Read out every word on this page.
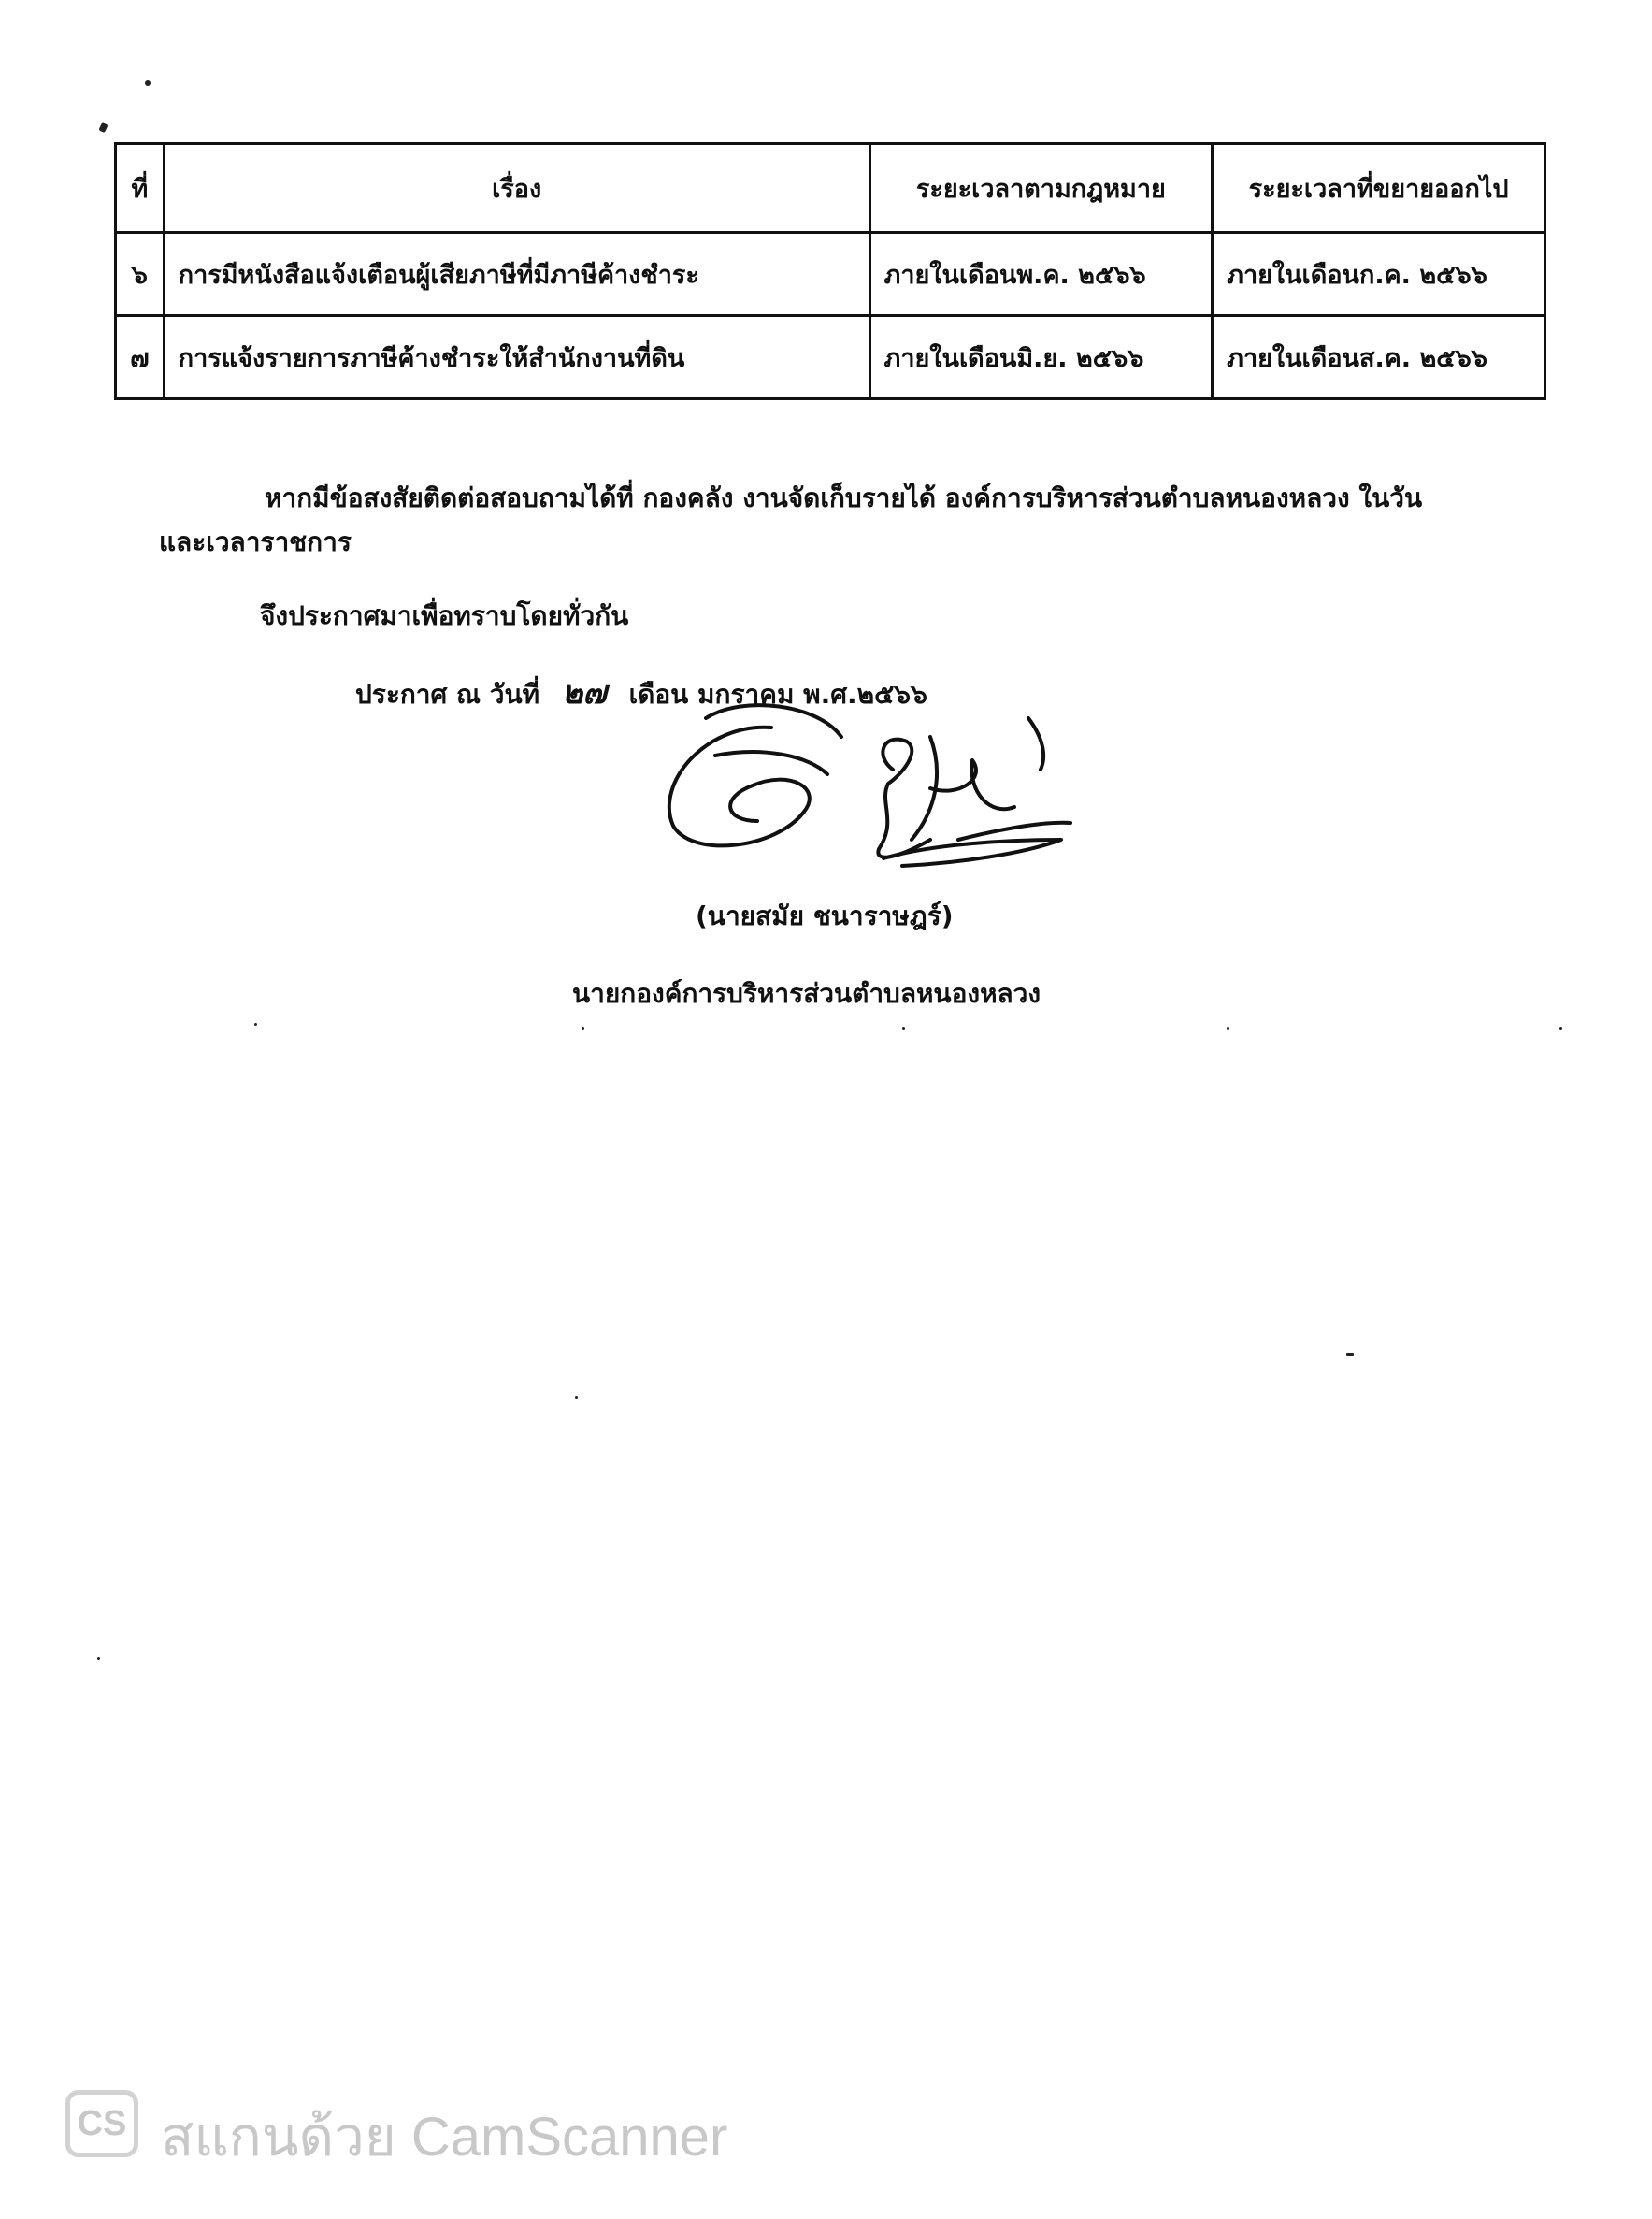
ที่	เรื่อง	ระยะเวลาตามกฎหมาย	ระยะเวลาที่ขยายออกไป
๖	การมีหนังสือแจ้งเตือนผู้เสียภาษีที่มีภาษีค้างชำระ	ภายในเดือนพ.ค. ๒๕๖๖	ภายในเดือนก.ค. ๒๕๖๖
๗	การแจ้งรายการภาษีค้างชำระให้สำนักงานที่ดิน	ภายในเดือนมิ.ย. ๒๕๖๖	ภายในเดือนส.ค. ๒๕๖๖
หากมีข้อสงสัยติดต่อสอบถามได้ที่ กองคลัง งานจัดเก็บรายได้ องค์การบริหารส่วนตำบลหนองหลวง ในวัน
และเวลาราชการ
จึงประกาศมาเพื่อทราบโดยทั่วกัน
ประกาศ ณ วันที่ ๒๗ เดือน มกราคม พ.ศ.๒๕๖๖
(นายสมัย ชนาราษฎร์)
นายกองค์การบริหารส่วนตำบลหนองหลวง
CS สแกนด้วย CamScanner
